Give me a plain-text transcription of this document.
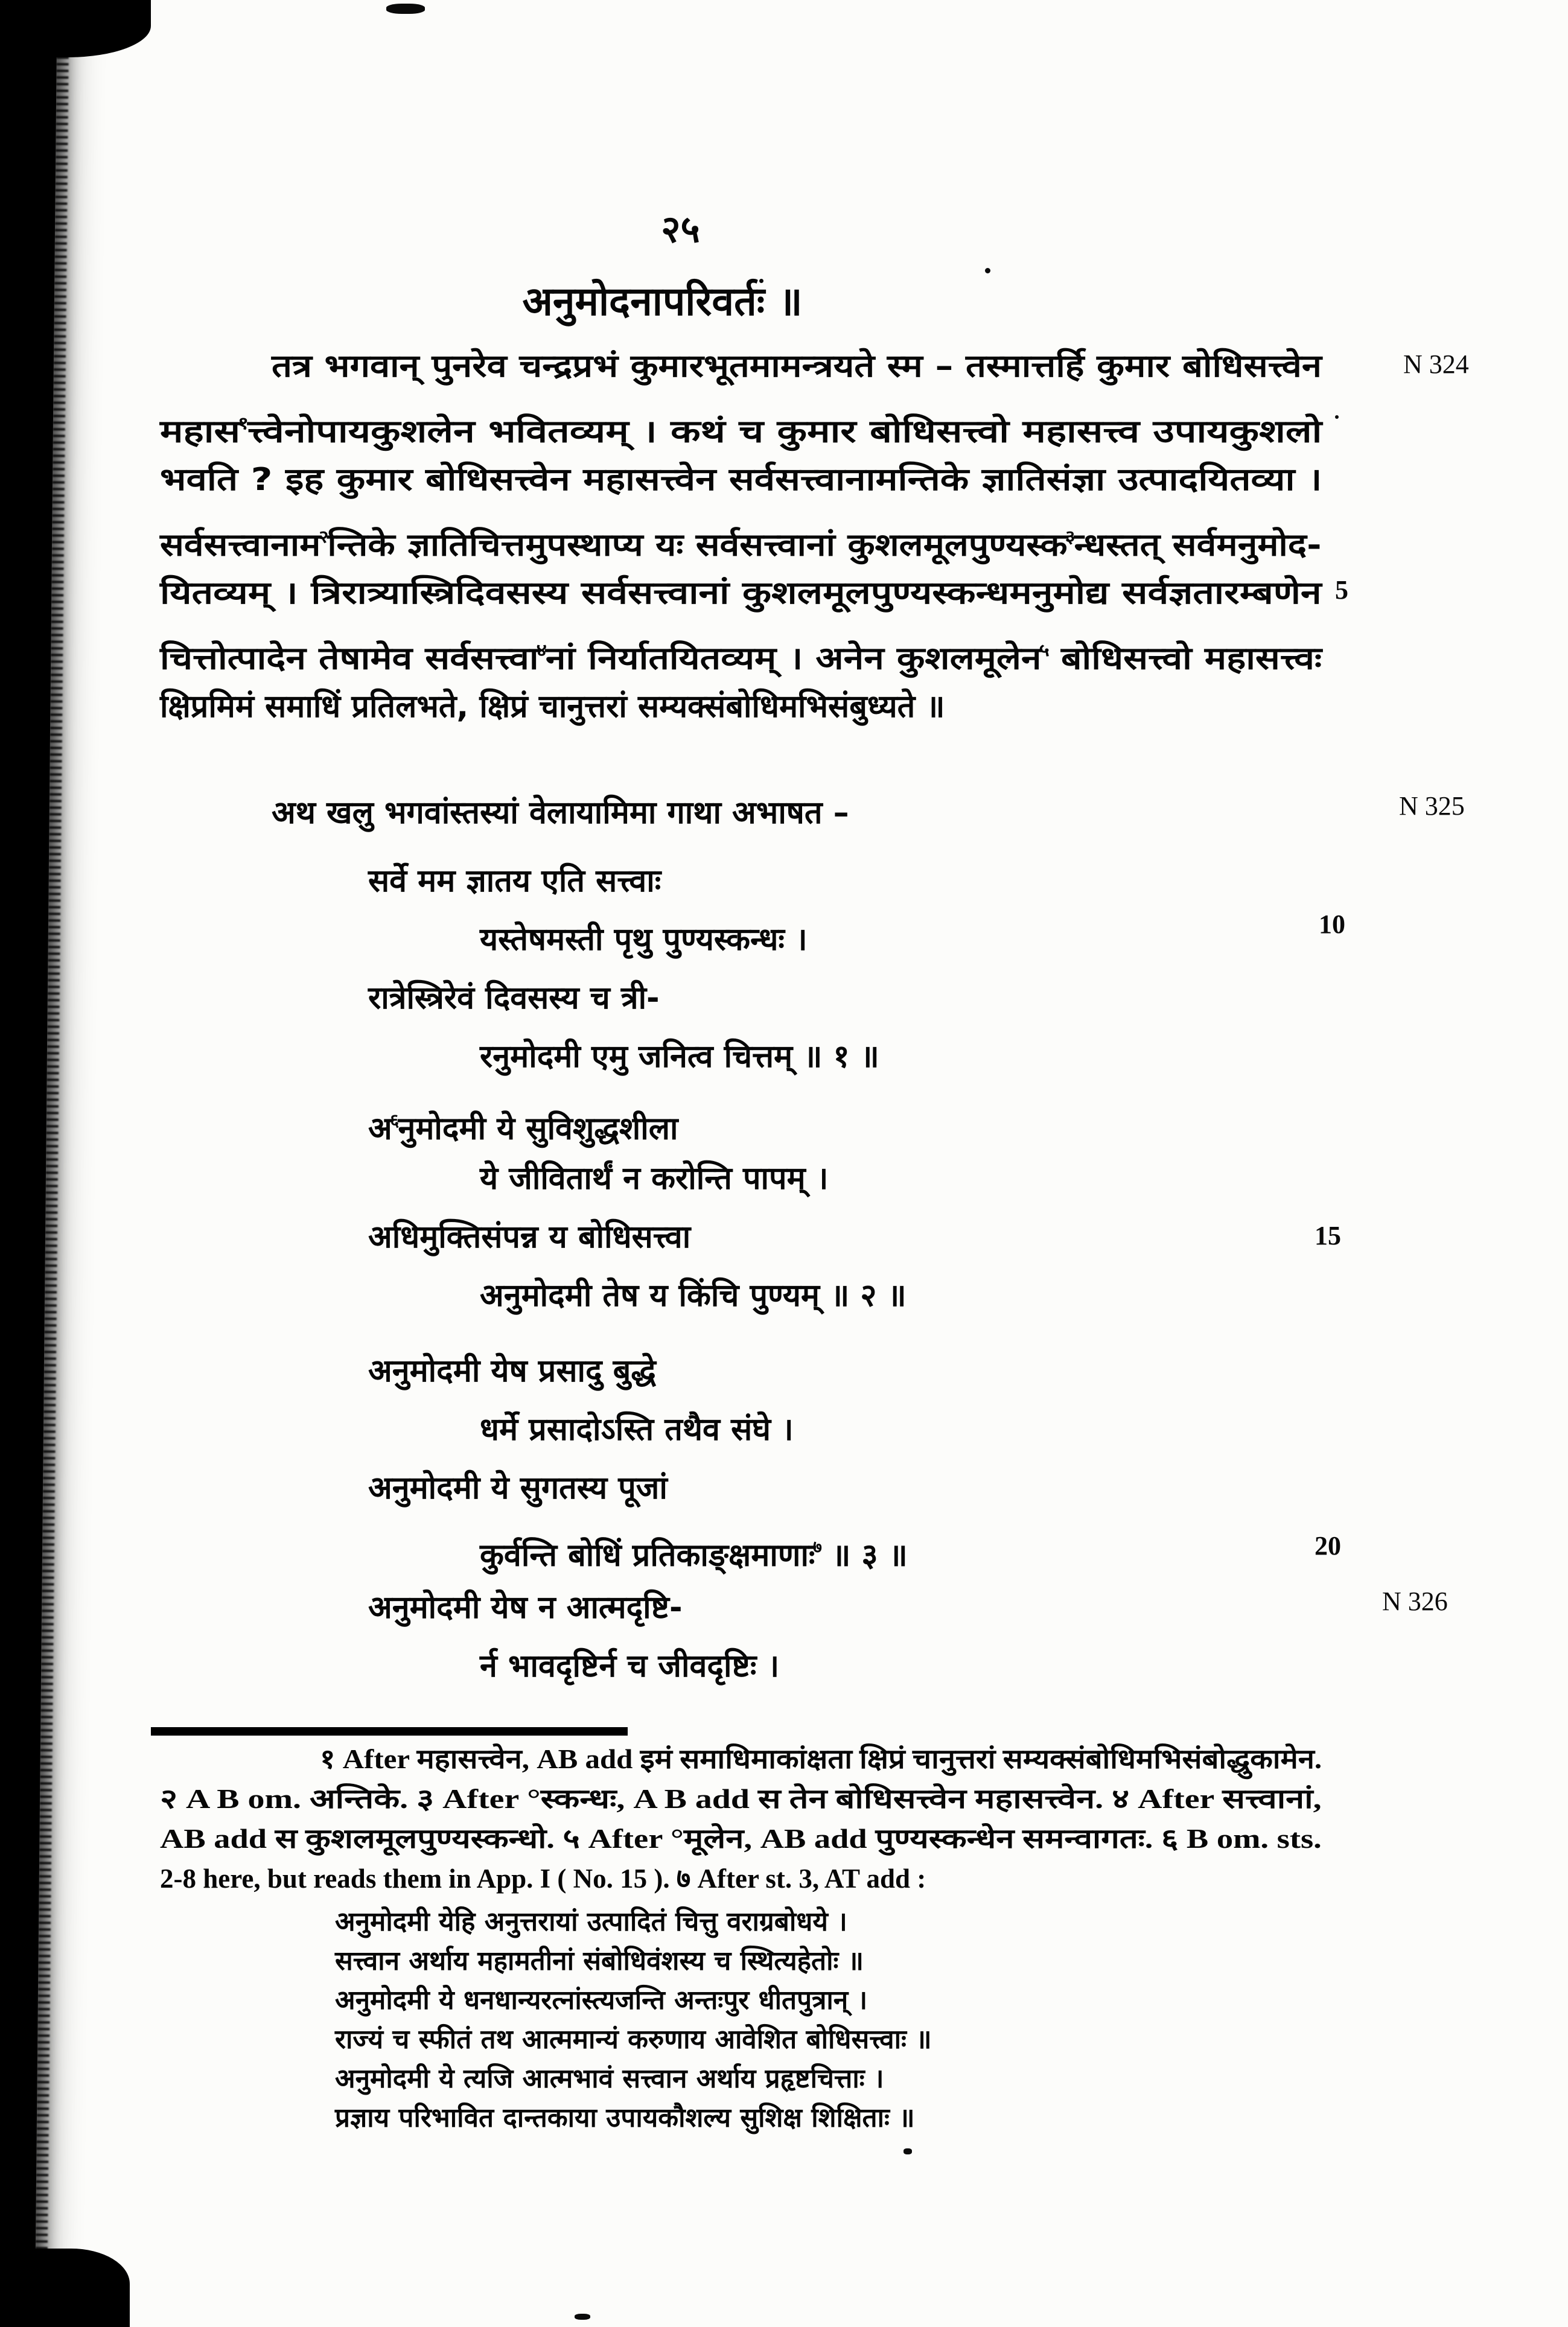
२५
अनुमोदनापरिवर्तः ॥
तत्र भगवान् पुनरेव चन्द्रप्रभं कुमारभूतमामन्त्रयते स्म – तस्मात्तर्हि कुमार बोधिसत्त्वेन
महास$^१$त्त्वेनोपायकुशलेन भवितव्यम् । कथं च कुमार बोधिसत्त्वो महासत्त्व उपायकुशलो
भवति ? इह कुमार बोधिसत्त्वेन महासत्त्वेन सर्वसत्त्वानामन्तिके ज्ञातिसंज्ञा उत्पादयितव्या ।
सर्वसत्त्वानाम$^२$न्तिके ज्ञातिचित्तमुपस्थाप्य यः सर्वसत्त्वानां कुशलमूलपुण्यस्क$^३$न्धस्तत् सर्वमनुमोद-
यितव्यम् । त्रिरात्र्यास्त्रिदिवसस्य सर्वसत्त्वानां कुशलमूलपुण्यस्कन्धमनुमोद्य सर्वज्ञतारम्बणेन
चित्तोत्पादेन तेषामेव सर्वसत्त्वा$^४$नां निर्यातयितव्यम् । अनेन कुशलमूलेन$^५$ बोधिसत्त्वो महासत्त्वः
क्षिप्रमिमं समाधिं प्रतिलभते, क्षिप्रं चानुत्तरां सम्यक्संबोधिमभिसंबुध्यते ॥
अथ खलु भगवांस्तस्यां वेलायामिमा गाथा अभाषत –
सर्वे मम ज्ञातय एति सत्त्वाः
यस्तेषमस्ती पृथु पुण्यस्कन्धः ।
रात्रेस्त्रिरेवं दिवसस्य च त्री-
रनुमोदमी एमु जनित्व चित्तम् ॥ १ ॥
अ$^६$नुमोदमी ये सुविशुद्धशीला
ये जीवितार्थं न करोन्ति पापम् ।
अधिमुक्तिसंपन्न य बोधिसत्त्वा
अनुमोदमी तेष य किंचि पुण्यम् ॥ २ ॥
अनुमोदमी येष प्रसादु बुद्धे
धर्मे प्रसादोऽस्ति तथैव संघे ।
अनुमोदमी ये सुगतस्य पूजां
कुर्वन्ति बोधिं प्रतिकाङ्क्षमाणाः$^७$ ॥ ३ ॥
अनुमोदमी येष न आत्मदृष्टि-
र्न भावदृष्टिर्न च जीवदृष्टिः ।
N 324
5
N 325
10
15
20
N 326
१ After महासत्त्वेन, AB add इमं समाधिमाकांक्षता क्षिप्रं चानुत्तरां सम्यक्संबोधिमभिसंबोद्धुकामेन.
२ A B om. अन्तिके. ३ After °स्कन्धः, A B add स तेन बोधिसत्त्वेन महासत्त्वेन. ४ After सत्त्वानां,
AB add स कुशलमूलपुण्यस्कन्धो. ५ After °मूलेन, AB add पुण्यस्कन्धेन समन्वागतः. ६ B om. sts.
2-8 here, but reads them in App. I ( No. 15 ). ७ After st. 3, AT add :
अनुमोदमी येहि अनुत्तरायां उत्पादितं चित्तु वराग्रबोधये ।
सत्त्वान अर्थाय महामतीनां संबोधिवंशस्य च स्थित्यहेतोः ॥
अनुमोदमी ये धनधान्यरत्नांस्त्यजन्ति अन्तःपुर धीतपुत्रान् ।
राज्यं च स्फीतं तथ आत्ममान्यं करुणाय आवेशित बोधिसत्त्वाः ॥
अनुमोदमी ये त्यजि आत्मभावं सत्त्वान अर्थाय प्रहृष्टचित्ताः ।
प्रज्ञाय परिभावित दान्तकाया उपायकौशल्य सुशिक्ष शिक्षिताः ॥
